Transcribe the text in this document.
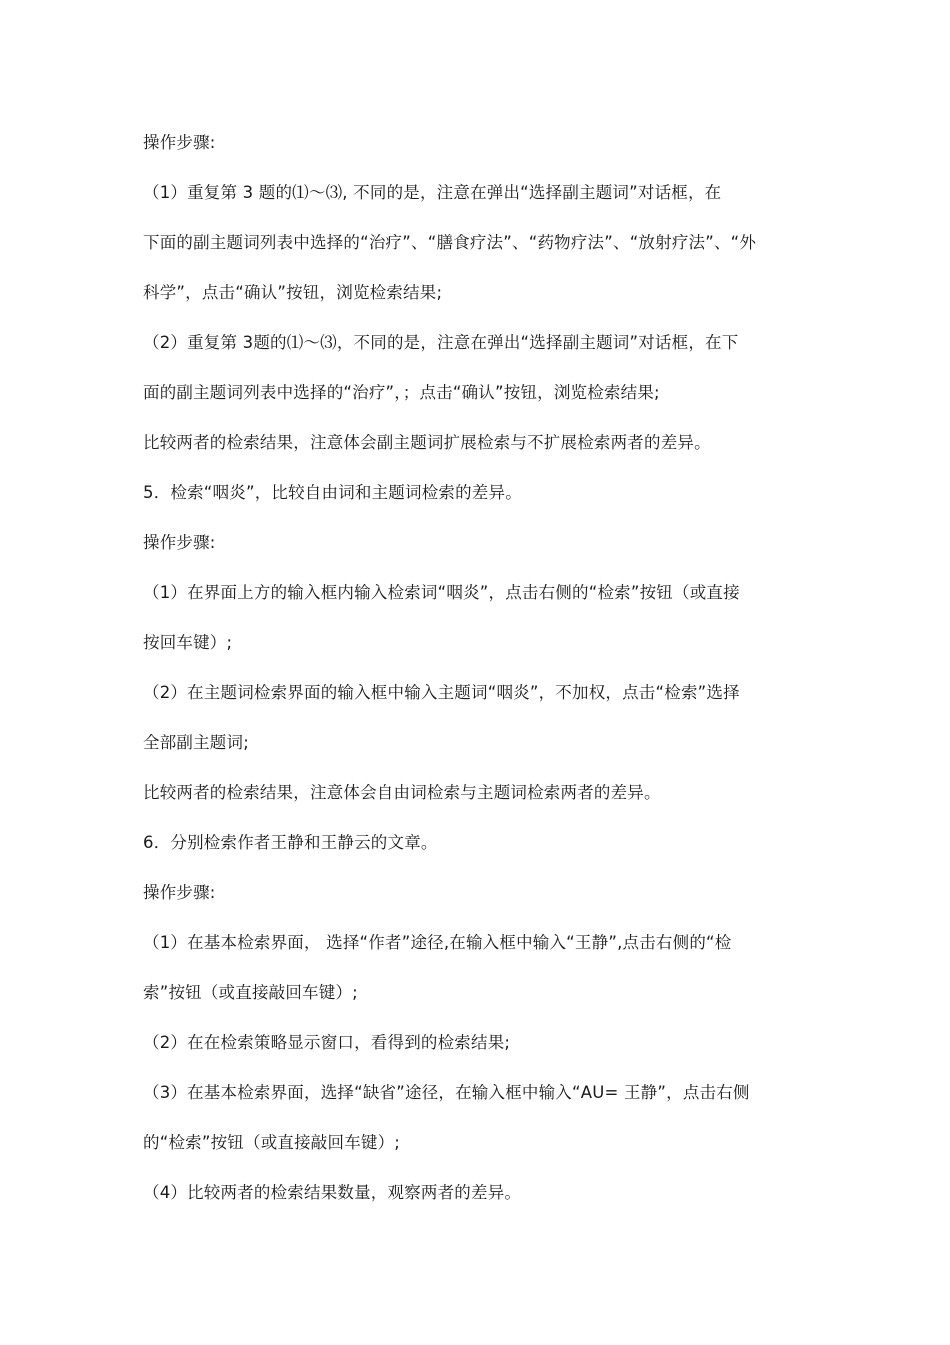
操作步骤:
（1）重复第 3 题的⑴～⑶, 不同的是，注意在弹出“选择副主题词”对话框，在
下面的副主题词列表中选择的“治疗”、“膳食疗法”、“药物疗法”、“放射疗法”、“外
科学”，点击“确认”按钮，浏览检索结果;
（2）重复第 3题的⑴～⑶，不同的是，注意在弹出“选择副主题词”对话框，在下
面的副主题词列表中选择的“治疗”，；点击“确认”按钮，浏览检索结果;
比较两者的检索结果，注意体会副主题词扩展检索与不扩展检索两者的差异。
5．检索“咽炎”，比较自由词和主题词检索的差异。
操作步骤:
（1）在界面上方的输入框内输入检索词“咽炎”，点击右侧的“检索”按钮（或直接
按回车键）;
（2）在主题词检索界面的输入框中输入主题词“咽炎”，不加权，点击“检索”选择
全部副主题词;
比较两者的检索结果，注意体会自由词检索与主题词检索两者的差异。
6．分别检索作者王静和王静云的文章。
操作步骤:
（1）在基本检索界面， 选择“作者”途径,在输入框中输入“王静”,点击右侧的“检
索”按钮（或直接敲回车键）;
（2）在在检索策略显示窗口，看得到的检索结果;
（3）在基本检索界面，选择“缺省”途径，在输入框中输入“AU= 王静”，点击右侧
的“检索”按钮（或直接敲回车键）;
（4）比较两者的检索结果数量，观察两者的差异。
